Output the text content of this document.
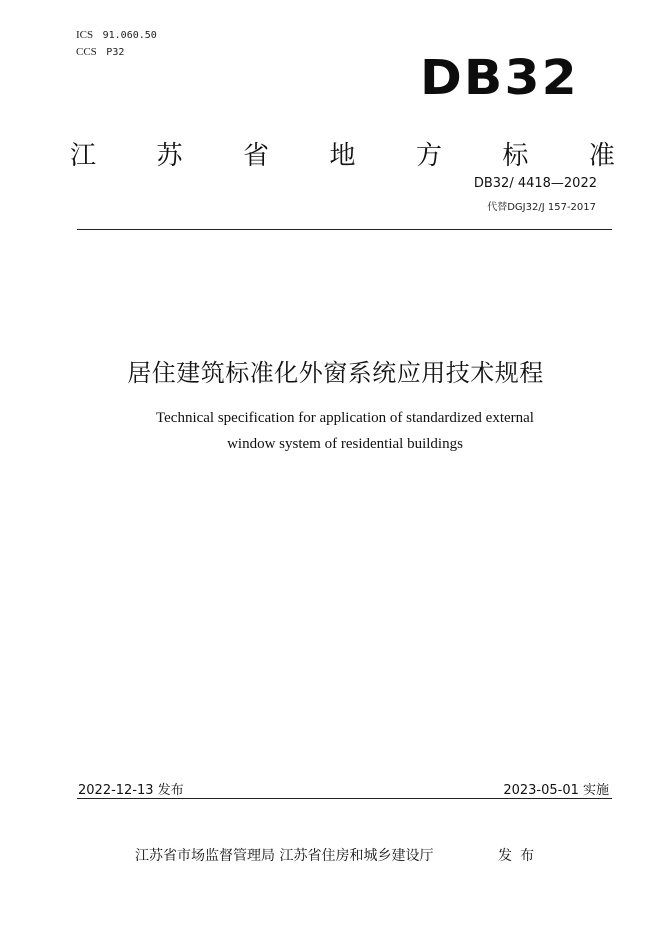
ICS 91.060.50
CCS P32	DB32
江 苏 省 地 方 标 准
DB32/ 4418—2022
代替DGJ32/J 157-2017
居住建筑标准化外窗系统应用技术规程
Technical specification for application of standardized external
window system of residential buildings
2022-12-13 发布	2023-05-01 实施
江苏省市场监督管理局 江苏省住房和城乡建设厅	发布
